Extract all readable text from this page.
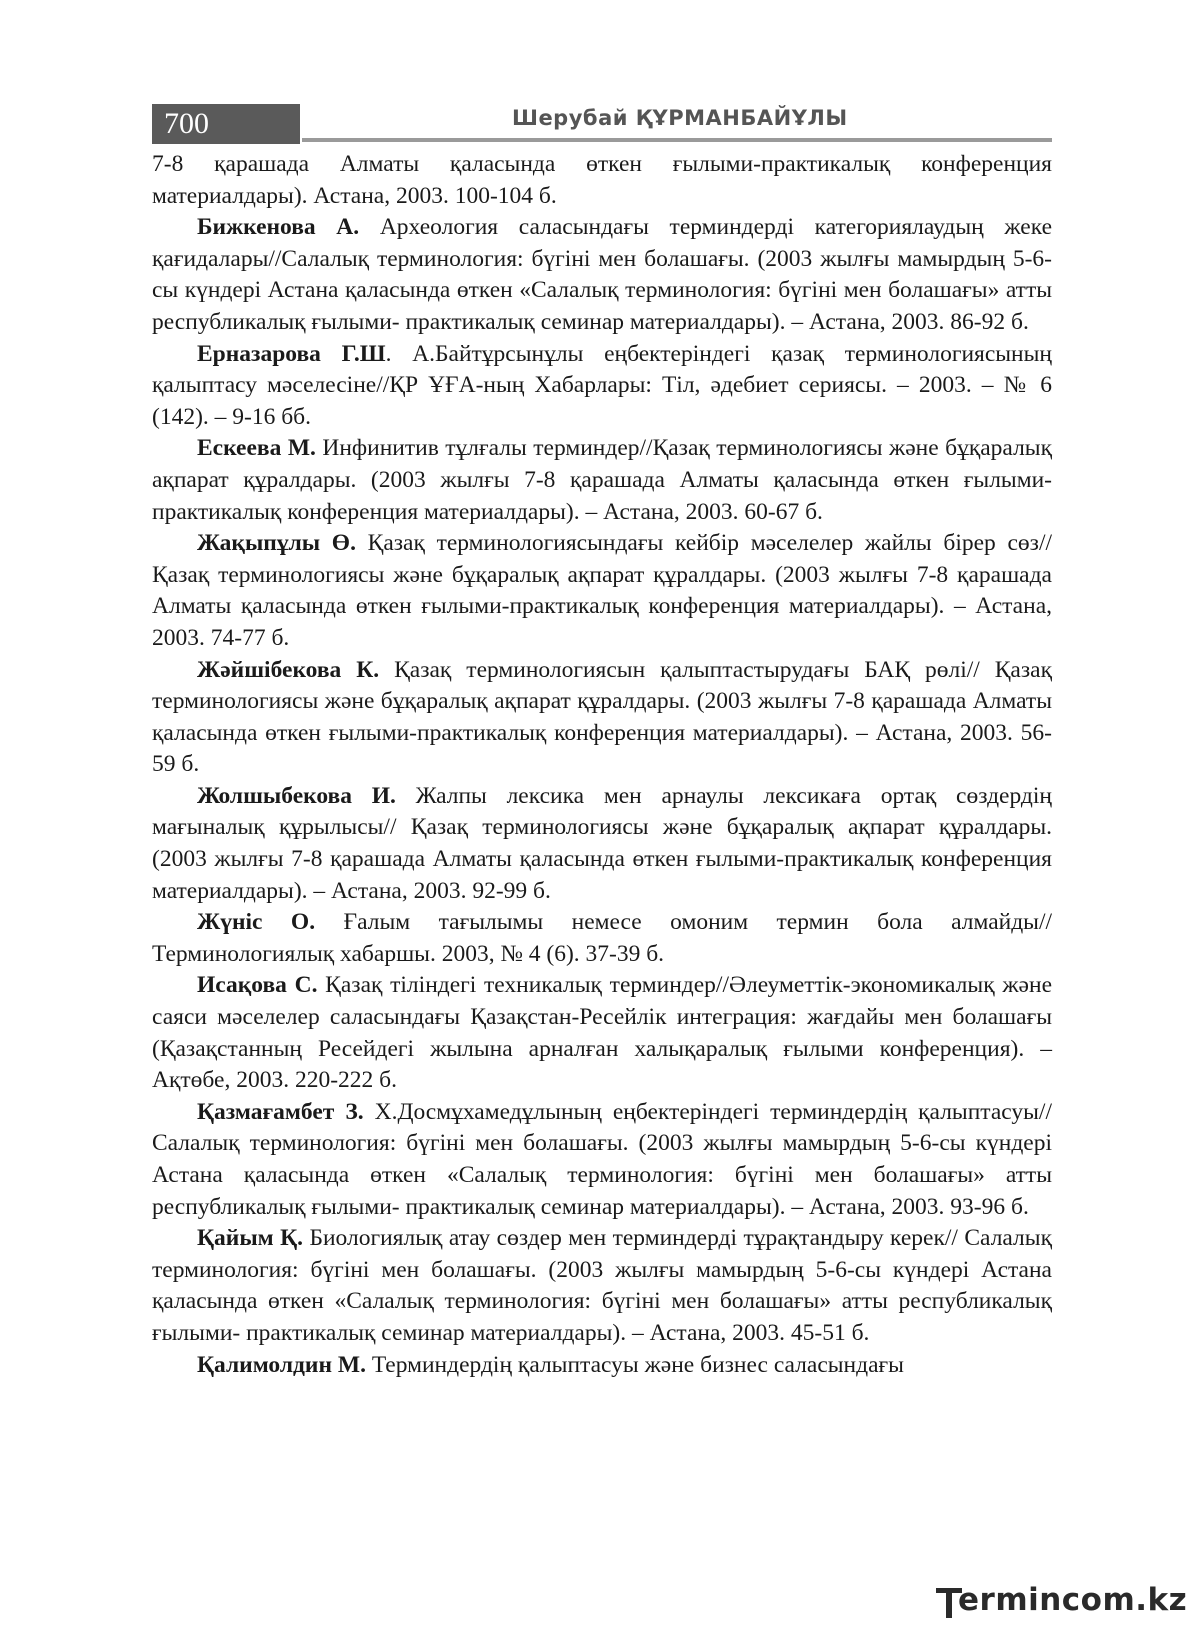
700	Шерубай ҚҰРМАНБАЙҰЛЫ

7-8 қарашада Алматы қаласында өткен ғылыми-практикалық конференция материалдары). Астана, 2003. 100-104 б.

Бижкенова А. Археология саласындағы терминдерді категориялаудың жеке қағидалары//Салалық терминология: бүгіні мен болашағы. (2003 жылғы мамырдың 5-6-сы күндері Астана қаласында өткен «Салалық терминология: бүгіні мен болашағы» атты республикалық ғылыми- практикалық семинар материалдары). – Астана, 2003. 86-92 б.

Ерназарова Г.Ш. А.Байтұрсынұлы еңбектеріндегі қазақ терминологиясының қалыптасу мәселесіне//ҚР ҰҒА-ның Хабарлары: Тіл, әдебиет сериясы. – 2003. – № 6 (142). – 9-16 бб.

Ескеева М. Инфинитив тұлғалы терминдер//Қазақ терминологиясы және бұқаралық ақпарат құралдары. (2003 жылғы 7-8 қарашада Алматы қаласында өткен ғылыми-практикалық конференция материалдары). – Астана, 2003. 60-67 б.

Жақыпұлы Ө. Қазақ терминологиясындағы кейбір мәселелер жайлы бірер сөз//Қазақ терминологиясы және бұқаралық ақпарат құралдары. (2003 жылғы 7-8 қарашада Алматы қаласында өткен ғылыми-практикалық конференция материалдары). – Астана, 2003. 74-77 б.

Жәйшібекова К. Қазақ терминологиясын қалыптастырудағы БАҚ рөлі// Қазақ терминологиясы және бұқаралық ақпарат құралдары. (2003 жылғы 7-8 қарашада Алматы қаласында өткен ғылыми-практикалық конференция материалдары). – Астана, 2003. 56-59 б.

Жолшыбекова И. Жалпы лексика мен арнаулы лексикаға ортақ сөздердің мағыналық құрылысы// Қазақ терминологиясы және бұқаралық ақпарат құралдары. (2003 жылғы 7-8 қарашада Алматы қаласында өткен ғылыми-практикалық конференция материалдары). – Астана, 2003. 92-99 б.

Жүніс О. Ғалым тағылымы немесе омоним термин бола алмайды// Терминологиялық хабаршы. 2003, № 4 (6). 37-39 б.

Исақова С. Қазақ тіліндегі техникалық терминдер//Әлеуметтік-экономикалық және саяси мәселелер саласындағы Қазақстан-Ресейлік интеграция: жағдайы мен болашағы (Қазақстанның Ресейдегі жылына арналған халықаралық ғылыми конференция). – Ақтөбе, 2003. 220-222 б.

Қазмағамбет З. Х.Досмұхамедұлының еңбектеріндегі терминдердің қалыптасуы// Салалық терминология: бүгіні мен болашағы. (2003 жылғы мамырдың 5-6-сы күндері Астана қаласында өткен «Салалық терминология: бүгіні мен болашағы» атты республикалық ғылыми- практикалық семинар материалдары). – Астана, 2003. 93-96 б.

Қайым Қ. Биологиялық атау сөздер мен терминдерді тұрақтандыру керек// Салалық терминология: бүгіні мен болашағы. (2003 жылғы мамырдың 5-6-сы күндері Астана қаласында өткен «Салалық терминология: бүгіні мен болашағы» атты республикалық ғылыми- практикалық семинар материалдары). – Астана, 2003. 45-51 б.

Қалимолдин М. Терминдердің қалыптасуы және бизнес саласындағы

ermincom.kz
